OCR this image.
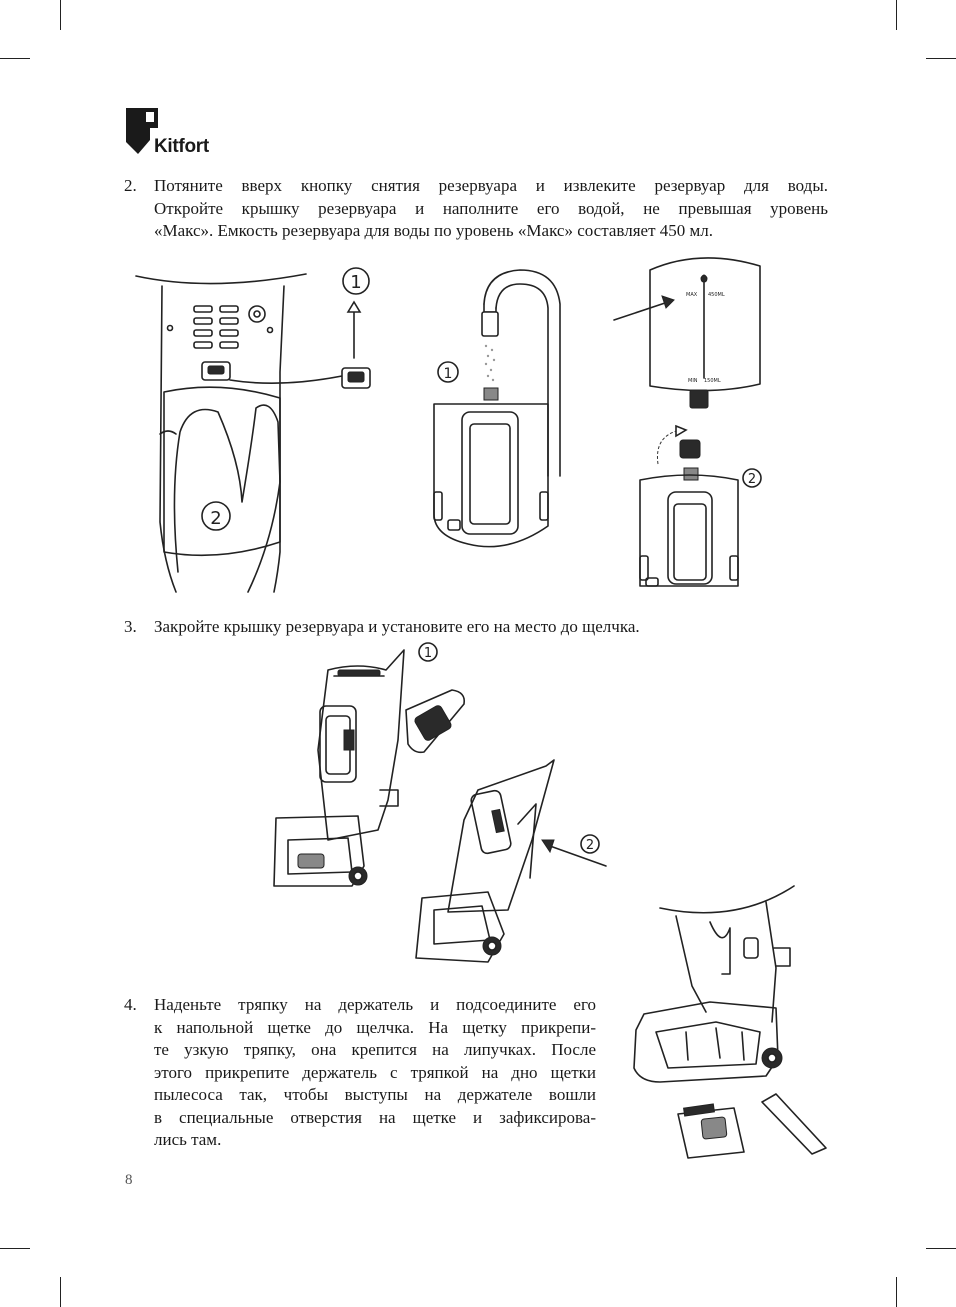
Kitfort
2. Потяните вверх кнопку снятия резервуара и извлеките резервуар для воды.
Откройте крышку резервуара и наполните его водой, не превышая уровень
«Макс». Емкость резервуара для воды по уровень «Макс» составляет 450 мл.
1
2
1
MAX 450ML
MIN 150ML
2
3. Закройте крышку резервуара и установите его на место до щелчка.
1
2
4. Наденьте тряпку на держатель и подсоедините его
к напольной щетке до щелчка. На щетку прикрепи-
те узкую тряпку, она крепится на липучках. После
этого прикрепите держатель с тряпкой на дно щетки
пылесоса так, чтобы выступы на держателе вошли
в специальные отверстия на щетке и зафиксирова-
лись там.
8
